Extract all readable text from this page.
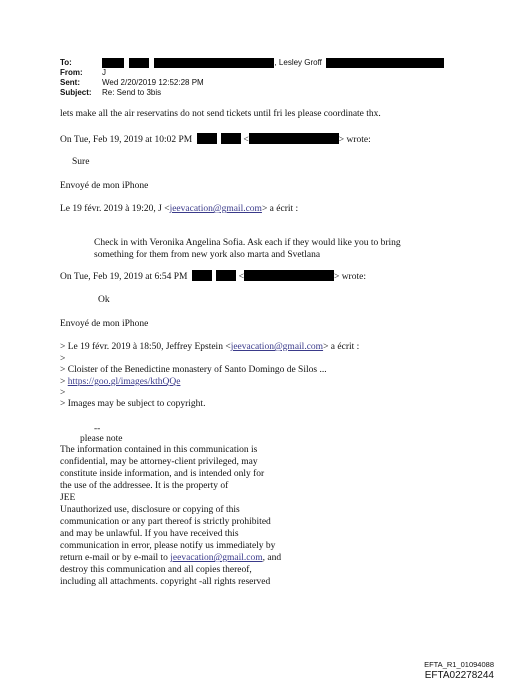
To:	, Lesley Groff
From: J
Sent:	Wed 2/20/2019 12:52:28 PM
Subject: Re: Send to 3bis
lets make all the air reservatins do not send tickets until fri les please coordinate thx.
On Tue, Feb 19, 2019 at 10:02 PM	<	> wrote:
Sure
Envoyé de mon iPhone
Le 19 févr. 2019 à 19:20, J <jeevacation@gmail.com> a écrit :
Check in with Veronika Angelina Sofia. Ask each if they would like you to bring
something for them from new york also marta and Svetlana
On Tue, Feb 19, 2019 at 6:54 PM	<	> wrote:
Ok
Envoyé de mon iPhone
> Le 19 févr. 2019 à 18:50, Jeffrey Epstein <jeevacation@gmail.com> a écrit :
>
> Cloister of the Benedictine monastery of Santo Domingo de Silos ...
> https://goo.gl/images/kthQQe
>
> Images may be subject to copyright.
--
please note
The information contained in this communication is
confidential, may be attorney-client privileged, may
constitute inside information, and is intended only for
the use of the addressee. It is the property of
JEE
Unauthorized use, disclosure or copying of this
communication or any part thereof is strictly prohibited
and may be unlawful. If you have received this
communication in error, please notify us immediately by
return e-mail or by e-mail to jeevacation@gmail.com, and
destroy this communication and all copies thereof,
including all attachments. copyright -all rights reserved
EFTA_R1_01094088
EFTA02278244
